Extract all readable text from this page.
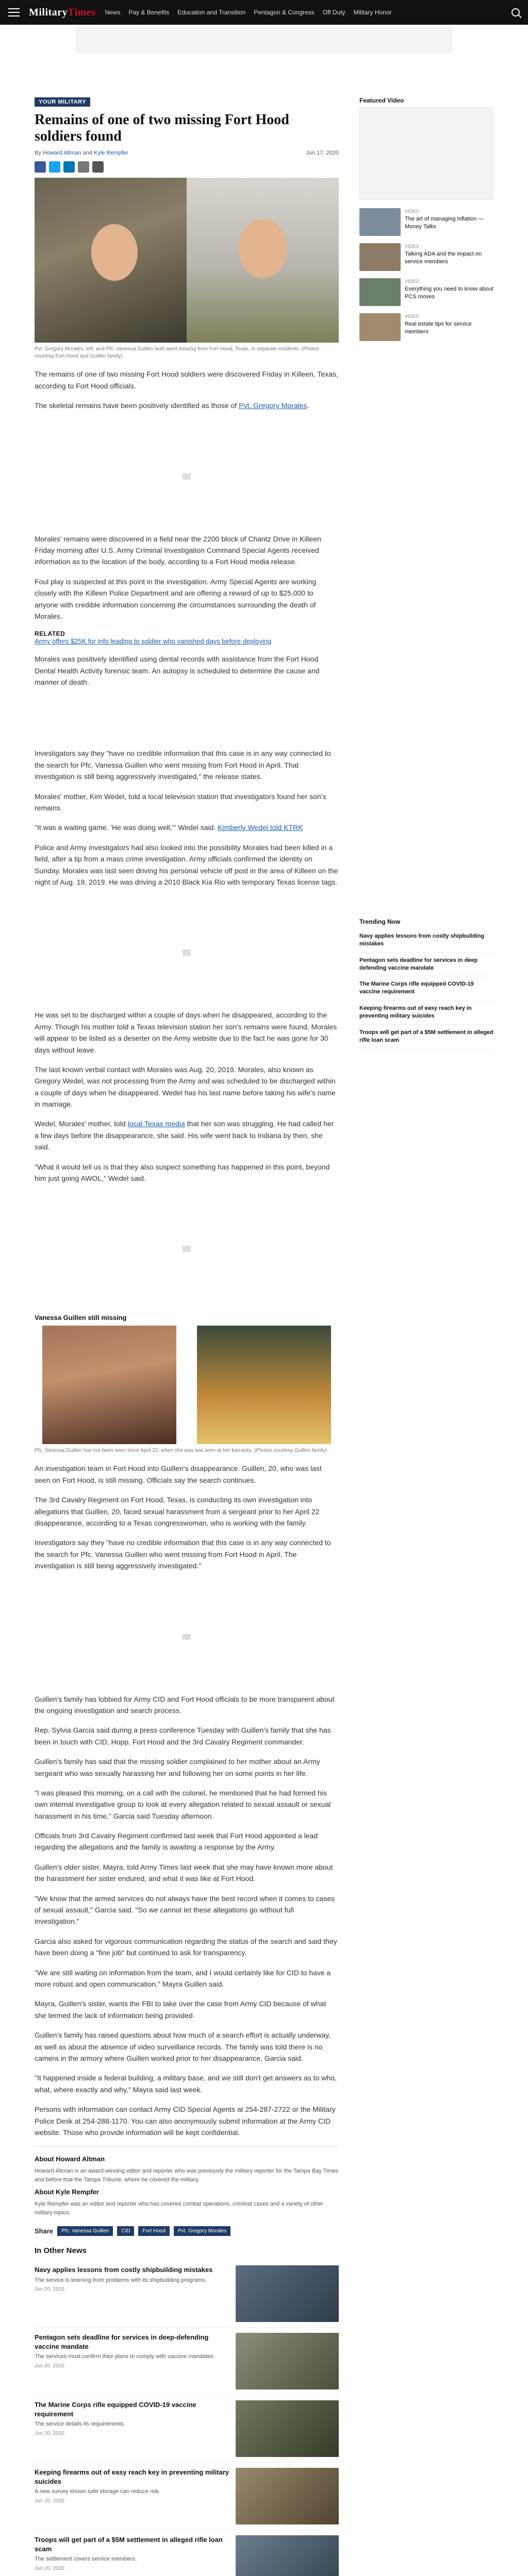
MilitaryTimes News Pay & Benefits Education and Transition Pentagon & Congress Off Duty Military Honor
YOUR MILITARY
Remains of one of two missing Fort Hood soldiers found
By Howard Altman and Kyle Rempfer	Jun 17, 2020

Pvt. Gregory Morales, left, and Pfc. Vanessa Guillen both went missing from Fort Hood, Texas, in separate incidents. (Photos courtesy Fort Hood and Guillen family)

The remains of one of two missing Fort Hood soldiers were discovered Friday in Killeen, Texas, according to Fort Hood officials.

The skeletal remains have been positively identified as those of Pvt. Gregory Morales.

Morales' remains were discovered in a field near the 2200 block of Chantz Drive in Killeen Friday morning after U.S. Army Criminal Investigation Command Special Agents received information as to the location of the body, according to a Fort Hood media release.

Foul play is suspected at this point in the investigation. Army Special Agents are working closely with the Killeen Police Department and are offering a reward of up to $25,000 to anyone with credible information concerning the circumstances surrounding the death of Morales.

RELATED
Army offers $25K for info leading to soldier who vanished days before deploying

Morales was positively identified using dental records with assistance from the Fort Hood Dental Health Activity forensic team. An autopsy is scheduled to determine the cause and manner of death.

Investigators say they "have no credible information that this case is in any way connected to the search for Pfc. Vanessa Guillen who went missing from Fort Hood in April. That investigation is still being aggressively investigated," the release states.

Morales' mother, Kim Wedel, told a local television station that investigators found her son's remains.

"It was a waiting game. 'He was doing well,'" Wedel said. Kimberly Wedel told KTRK

Police and Army investigators had also looked into the possibility Morales had been killed in a field, after a tip from a mass crime investigation. Army officials confirmed the identity on Sunday. Morales was last seen driving his personal vehicle off post in the area of Killeen on the night of Aug. 19, 2019. He was driving a 2010 Black Kia Rio with temporary Texas license tags.

He was set to be discharged within a couple of days when he disappeared, according to the Army. Though his mother told a Texas television station her son's remains were found, Morales will appear to be listed as a deserter on the Army website due to the fact he was gone for 30 days without leave.

The last known verbal contact with Morales was Aug. 20, 2019. Morales, also known as Gregory Wedel, was not processing from the Army and was scheduled to be discharged within a couple of days when he disappeared. Wedel has his last name before taking his wife's name in marriage.

Wedel, Morales' mother, told local Texas media that her son was struggling. He had called her a few days before the disappearance, she said. His wife went back to Indiana by then, she said.

"What it would tell us is that they also suspect something has happened in this point, beyond him just going AWOL," Wedel said.

Vanessa Guillen still missing

Pfc. Vanessa Guillen has not been seen since April 22, when she was last seen at her barracks. (Photos courtesy Guillen family)

An investigation team in Fort Hood into Guillen's disappearance. Guillen, 20, who was last seen on Fort Hood, is still missing. Officials say the search continues.

The 3rd Cavalry Regiment on Fort Hood, Texas, is conducting its own investigation into allegations that Guillen, 20, faced sexual harassment from a sergeant prior to her April 22 disappearance, according to a Texas congresswoman, who is working with the family.

Investigators say they "have no credible information that this case is in any way connected to the search for Pfc. Vanessa Guillen who went missing from Fort Hood in April. The investigation is still being aggressively investigated."

Guillen's family has lobbied for Army CID and Fort Hood officials to be more transparent about the ongoing investigation and search process.

Rep. Sylvia Garcia said during a press conference Tuesday with Guillen's family that she has been in touch with CID, Hopp, Fort Hood and the 3rd Cavalry Regiment commander.

Guillen's family has said that the missing soldier complained to her mother about an Army sergeant who was sexually harassing her and following her on some points in her life.

"I was pleased this morning, on a call with the colonel, he mentioned that he had formed his own internal investigative group to look at every allegation related to sexual assault or sexual harassment in his time," Garcia said Tuesday afternoon.

Officials from 3rd Cavalry Regiment confirmed last week that Fort Hood appointed a lead regarding the allegations and the family is awaiting a response by the Army.

Guillen's older sister, Mayra, told Army Times last week that she may have known more about the harassment her sister endured, and what it was like at Fort Hood.

"We know that the armed services do not always have the best record when it comes to cases of sexual assault," Garcia said. "So we cannot let these allegations go without full investigation."

Garcia also asked for vigorous communication regarding the status of the search and said they have been doing a "fine job" but continued to ask for transparency.

"We are still waiting on information from the team, and I would certainly like for CID to have a more robust and open communication," Mayra Guillen said.

Mayra, Guillen's sister, wants the FBI to take over the case from Army CID because of what she termed the lack of information being provided.

Guillen's family has raised questions about how much of a search effort is actually underway, as well as about the absence of video surveillance records. The family was told there is no camera in the armory where Guillen worked prior to her disappearance, Garcia said.

"It happened inside a federal building, a military base, and we still don't get answers as to who, what, where exactly and why," Mayra said last week.

Persons with information can contact Army CID Special Agents at 254-287-2722 or the Military Police Desk at 254-288-1170. You can also anonymously submit information at the Army CID website. Those who provide information will be kept confidential.

About Howard Altman

Howard Altman is an award-winning editor and reporter who was previously the military reporter for the Tampa Bay Times and before that the Tampa Tribune, where he covered the military.

About Kyle Rempfer

Kyle Rempfer was an editor and reporter who has covered combat operations, criminal cases and a variety of other military topics.

Share	Pfc. Vanessa Guillen	CID	Fort Hood	Pvt. Gregory Morales
In Other News
Navy applies lessons from costly shipbuilding mistakes
The service is learning from problems with its shipbuilding programs.
Jun 20, 2020
Pentagon sets deadline for services in deep-defending vaccine mandate
The services must confirm their plans to comply with vaccine mandates.
Jun 20, 2020
The Marine Corps rifle equipped COVID-19 vaccine requirement
The service details its requirements.
Jun 20, 2020
Keeping firearms out of easy reach key in preventing military suicides
A new survey shows safe storage can reduce risk.
Jun 20, 2020
Troops will get part of a $5M settlement in alleged rifle loan scam
The settlement covers service members.
Jun 20, 2020
Featured Video
VIDEO
The art of managing inflation — Money Talks
VIDEO
Talking ADA and the impact on service members
VIDEO
Everything you need to know about PCS moves
VIDEO
Real estate tips for service members
Trending Now
Navy applies lessons from costly shipbuilding mistakes
Pentagon sets deadline for services in deep defending vaccine mandate
The Marine Corps rifle equipped COVID-19 vaccine requirement
Keeping firearms out of easy reach key in preventing military suicides
Troops will get part of a $5M settlement in alleged rifle loan scam
